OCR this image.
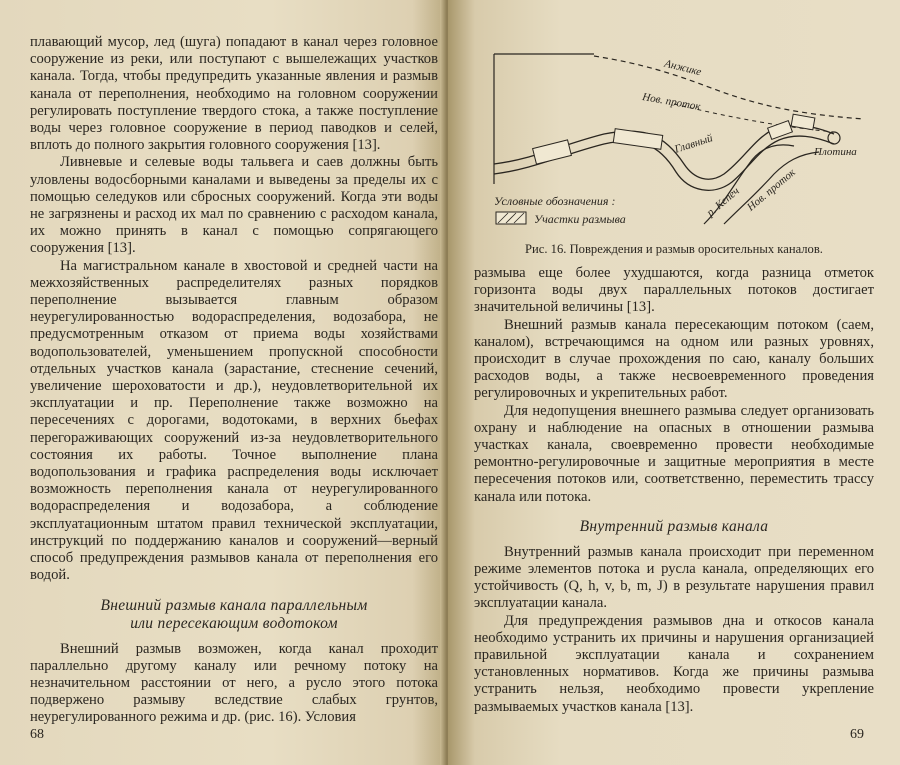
плавающий мусор, лед (шуга) попадают в канал через головное сооружение из реки, или поступают с вышележащих участков канала. Тогда, чтобы предупредить указанные явления и размыв канала от переполнения, необходимо на головном сооружении регулировать поступление твердого стока, а также поступление воды через головное сооружение в период паводков и селей, вплоть до полного закрытия головного сооружения [13].

Ливневые и селевые воды тальвега и саев должны быть уловлены водосборными каналами и выведены за пределы их с помощью селедуков или сбросных сооружений. Когда эти воды не загрязнены и расход их мал по сравнению с расходом канала, их можно принять в канал с помощью сопрягающего сооружения [13].

На магистральном канале в хвостовой и средней части на межхозяйственных распределителях разных порядков переполнение вызывается главным образом неурегулированностью водораспределения, водозабора, не предусмотренным отказом от приема воды хозяйствами водопользователей, уменьшением пропускной способности отдельных участков канала (зарастание, стеснение сечений, увеличение шероховатости и др.), неудовлетворительной их эксплуатации и пр. Переполнение также возможно на пересечениях с дорогами, водотоками, в верхних бьефах перегораживающих сооружений из-за неудовлетворительного состояния их работы. Точное выполнение плана водопользования и графика распределения воды исключает возможность переполнения канала от неурегулированного водораспределения и водозабора, а соблюдение эксплуатационным штатом правил технической эксплуатации, инструкций по поддержанию каналов и сооружений—верный способ предупреждения размывов канала от переполнения его водой.

Внешний размыв канала параллельным
или пересекающим водотоком

Внешний размыв возможен, когда канал проходит параллельно другому каналу или речному потоку на незначительном расстоянии от него, а русло этого потока подвержено размыву вследствие слабых грунтов, неурегулированного режима и др. (рис. 16). Условия

68
Анжике
Нов. проток
Плотина
Главный
р. Кепеч Нов. проток
Условные обозначения :
Участки размыва
Рис. 16. Повреждения и размыв оросительных каналов.

размыва еще более ухудшаются, когда разница отметок горизонта воды двух параллельных потоков достигает значительной величины [13].

Внешний размыв канала пересекающим потоком (саем, каналом), встречающимся на одном или разных уровнях, происходит в случае прохождения по саю, каналу больших расходов воды, а также несвоевременного проведения регулировочных и укрепительных работ.

Для недопущения внешнего размыва следует организовать охрану и наблюдение на опасных в отношении размыва участках канала, своевременно провести необходимые ремонтно-регулировочные и защитные мероприятия в месте пересечения потоков или, соответственно, переместить трассу канала или потока.

Внутренний размыв канала

Внутренний размыв канала происходит при переменном режиме элементов потока и русла канала, определяющих его устойчивость (Q, h, v, b, m, J) в результате нарушения правил эксплуатации канала.

Для предупреждения размывов дна и откосов канала необходимо устранить их причины и нарушения организацией правильной эксплуатации канала и сохранением установленных нормативов. Когда же причины размыва устранить нельзя, необходимо провести укрепление размываемых участков канала [13].

69
